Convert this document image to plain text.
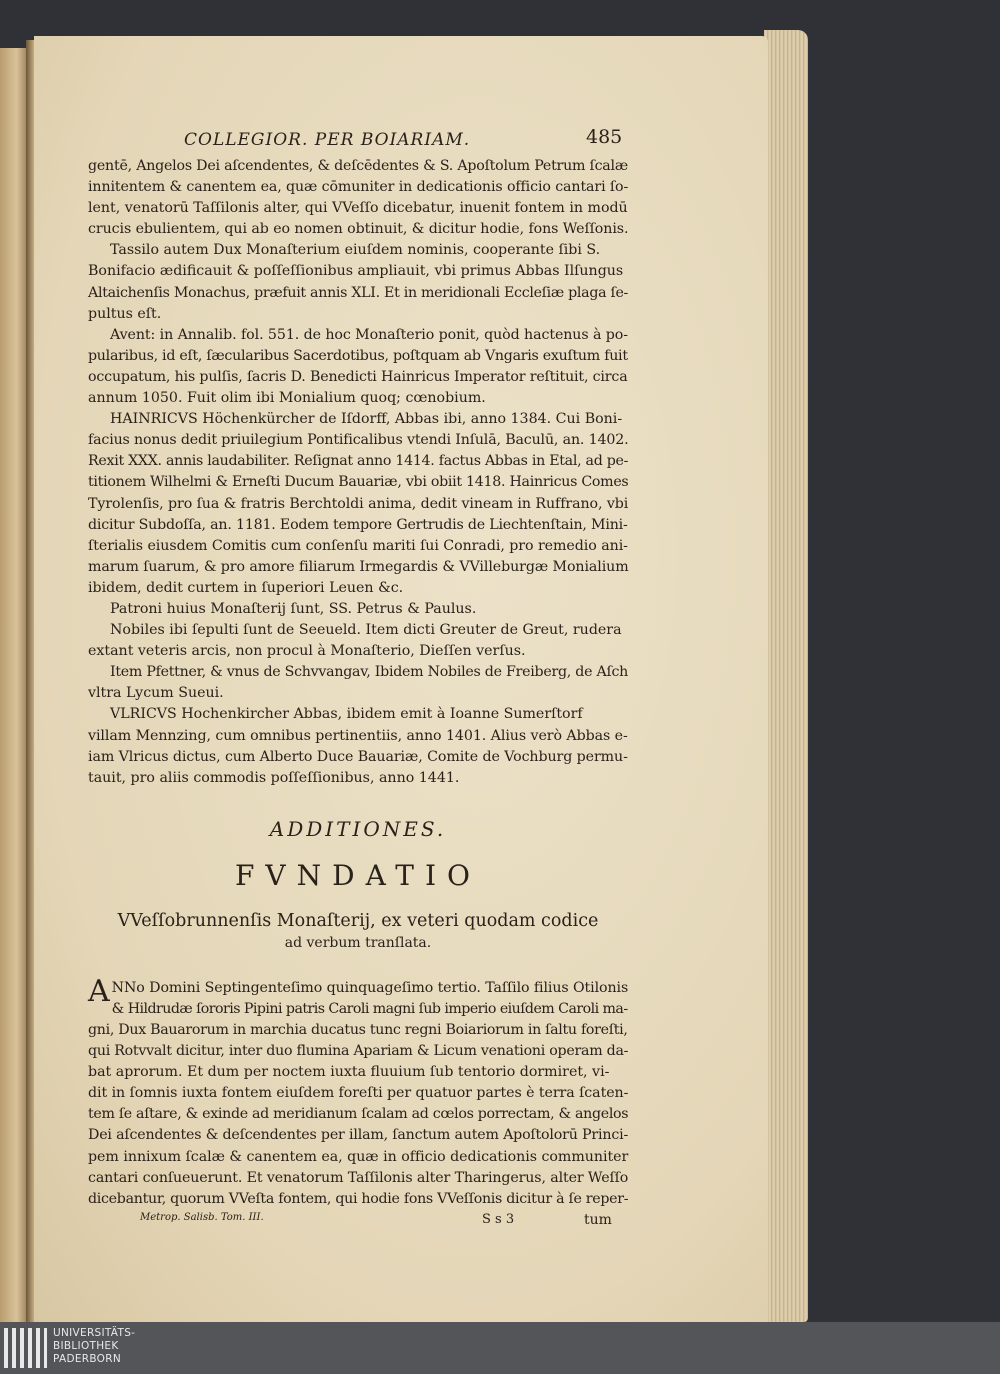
COLLEGIOR. PER BOIARIAM.	485

gentē, Angelos Dei aſcendentes, & deſcēdentes & S. Apoſtolum Petrum ſcalæ
innitentem & canentem ea, quæ cōmuniter in dedicationis officio cantari ſo-
lent, venatorū Taſſilonis alter, qui VVeſſo dicebatur, inuenit fontem in modū
crucis ebulientem, qui ab eo nomen obtinuit, & dicitur hodie, fons Weſſonis.

Tassilo autem Dux Monaſterium eiuſdem nominis, cooperante ſibi S.
Bonifacio ædificauit & poſſeſſionibus ampliauit, vbi primus Abbas Ilſungus
Altaichenſis Monachus, præfuit annis XLI. Et in meridionali Eccleſiæ plaga ſe-
pultus eſt.

Avent: in Annalib. fol. 551. de hoc Monaſterio ponit, quòd hactenus à po-
pularibus, id eſt, ſæcularibus Sacerdotibus, poſtquam ab Vngaris exuſtum fuit
occupatum, his pulſis, ſacris D. Benedicti Hainricus Imperator reſtituit, circa
annum 1050. Fuit olim ibi Monialium quoq; cœnobium.

HAINRICVS Höchenkürcher de Iſdorff, Abbas ibi, anno 1384. Cui Boni-
facius nonus dedit priuilegium Pontificalibus vtendi Inſulā, Baculū, an. 1402.
Rexit XXX. annis laudabiliter. Reſignat anno 1414. factus Abbas in Etal, ad pe-
titionem Wilhelmi & Erneſti Ducum Bauariæ, vbi obiit 1418. Hainricus Comes
Tyrolenſis, pro ſua & fratris Berchtoldi anima, dedit vineam in Ruffrano, vbi
dicitur Subdoſſa, an. 1181. Eodem tempore Gertrudis de Liechtenſtain, Mini-
ſterialis eiusdem Comitis cum conſenſu mariti ſui Conradi, pro remedio ani-
marum ſuarum, & pro amore filiarum Irmegardis & VVilleburgæ Monialium
ibidem, dedit curtem in ſuperiori Leuen &c.

Patroni huius Monaſterij ſunt, SS. Petrus & Paulus.

Nobiles ibi ſepulti ſunt de Seeueld. Item dicti Greuter de Greut, rudera
extant veteris arcis, non procul à Monaſterio, Dieſſen verſus.

Item Pfettner, & vnus de Schvvangav, Ibidem Nobiles de Freiberg, de Aſch
vltra Lycum Sueui.

VLRICVS Hochenkircher Abbas, ibidem emit à Ioanne Sumerſtorf
villam Mennzing, cum omnibus pertinentiis, anno 1401. Alius verò Abbas e-
iam Vlricus dictus, cum Alberto Duce Bauariæ, Comite de Vochburg permu-
tauit, pro aliis commodis poſſeſſionibus, anno 1441.

ADDITIONES.
FVNDATIO
VVeſſobrunnenſis Monaſterij, ex veteri quodam codice
ad verbum tranſlata.
A NNo Domini Septingenteſimo quinquageſimo tertio. Taſſilo filius Otilonis
& Hildrudæ ſororis Pipini patris Caroli magni ſub imperio eiuſdem Caroli ma-
gni, Dux Bauarorum in marchia ducatus tunc regni Boiariorum in ſaltu foreſti,
qui Rotvvalt dicitur, inter duo flumina Apariam & Licum venationi operam da-
bat aprorum. Et dum per noctem iuxta fluuium ſub tentorio dormiret, vi-
dit in ſomnis iuxta fontem eiuſdem foreſti per quatuor partes è terra ſcaten-
tem ſe aſtare, & exinde ad meridianum ſcalam ad cœlos porrectam, & angelos
Dei aſcendentes & deſcendentes per illam, ſanctum autem Apoſtolorū Princi-
pem innixum ſcalæ & canentem ea, quæ in officio dedicationis communiter
cantari conſueuerunt. Et venatorum Taſſilonis alter Tharingerus, alter Weſſo
dicebantur, quorum VVeſta fontem, qui hodie fons VVeſſonis dicitur à ſe reper-
Metrop. Salisb. Tom. III.	S s 3	tum
UNIVERSITÄTS-
BIBLIOTHEK
PADERBORN
